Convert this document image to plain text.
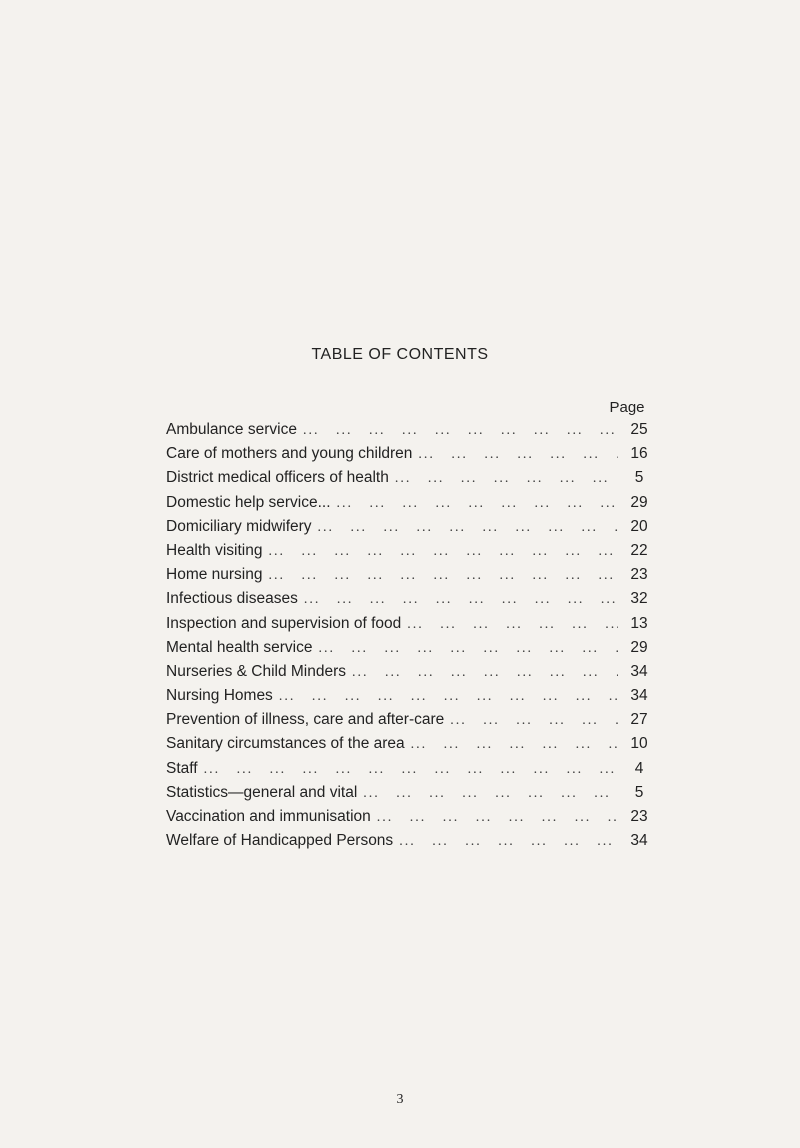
TABLE OF CONTENTS
Page
Ambulance service ...	25
Care of mothers and young children ...	16
District medical officers of health ...	5
Domestic help service... ...	29
Domiciliary midwifery ...	20
Health visiting ...	22
Home nursing ...	23
Infectious diseases ...	32
Inspection and supervision of food ...	13
Mental health service ...	29
Nurseries & Child Minders ...	34
Nursing Homes ...	34
Prevention of illness, care and after-care ...	27
Sanitary circumstances of the area ...	10
Staff ...	4
Statistics—general and vital ...	5
Vaccination and immunisation ...	23
Welfare of Handicapped Persons ...	34
3
